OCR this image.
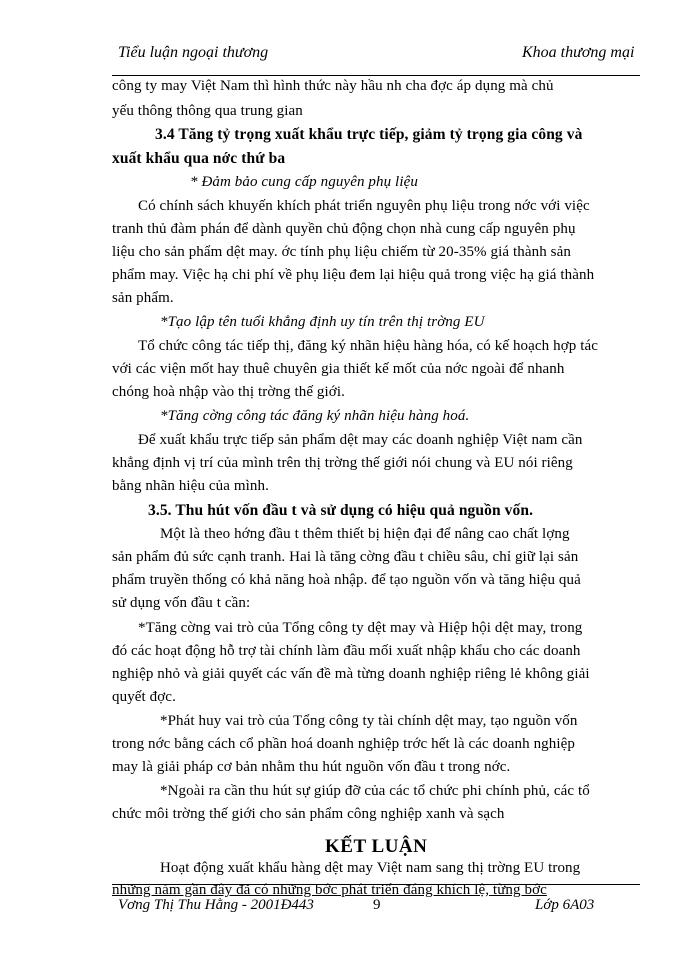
Tiểu luận ngoại thương	Khoa thương mại
công ty may Việt Nam thì hình thức này hầu nh cha đợc áp dụng mà chủ
yếu thông thông qua trung gian
3.4 Tăng tỷ trọng xuất khẩu trực tiếp, giảm tỷ trọng gia công và
xuất khẩu qua nớc thứ ba
* Đảm bảo cung cấp nguyên phụ liệu
Có chính sách khuyến khích phát triển nguyên phụ liệu trong nớc với việc
tranh thủ đàm phán để dành quyền chủ động chọn nhà cung cấp nguyên phụ
liệu cho sản phẩm dệt may. ớc tính phụ liệu chiếm từ 20-35% giá thành sản
phẩm may. Việc hạ chi phí về phụ liệu đem lại hiệu quả trong việc hạ giá thành
sản phẩm.
*Tạo lập tên tuổi khẳng định uy tín trên thị trờng EU
Tổ chức công tác tiếp thị, đăng ký nhãn hiệu hàng hóa, có kế hoạch hợp tác
với các viện mốt hay thuê chuyên gia thiết kế mốt của nớc ngoài để nhanh
chóng hoà nhập vào thị trờng thế giới.
*Tăng cờng công tác đăng ký nhãn hiệu hàng hoá.
Để xuất khẩu trực tiếp sản phẩm dệt may các doanh nghiệp Việt nam cần
khẳng định vị trí của mình trên thị trờng thế giới nói chung và EU nói riêng
bằng nhãn hiệu của mình.
3.5. Thu hút vốn đầu t và sử dụng có hiệu quả nguồn vốn.
Một là theo hớng đầu t thêm thiết bị hiện đại để nâng cao chất lợng
sản phẩm đủ sức cạnh tranh. Hai là tăng cờng đầu t chiều sâu, chỉ giữ lại sản
phẩm truyền thống có khả năng hoà nhập. để tạo nguồn vốn và tăng hiệu quả
sử dụng vốn đầu t cần:
*Tăng cờng vai trò của Tổng công ty dệt may và Hiệp hội dệt may, trong
đó các hoạt động hỗ trợ tài chính làm đầu mối xuất nhập khẩu cho các doanh
nghiệp nhỏ và giải quyết các vấn đề mà từng doanh nghiệp riêng lẻ không giải
quyết đợc.
*Phát huy vai trò của Tổng công ty tài chính dệt may, tạo nguồn vốn
trong nớc bằng cách cổ phần hoá doanh nghiệp trớc hết là các doanh nghiệp
may là giải pháp cơ bản nhằm thu hút nguồn vốn đầu t trong nớc.
*Ngoài ra cần thu hút sự giúp đỡ của các tổ chức phi chính phủ, các tổ
chức môi trờng thế giới cho sản phẩm công nghiệp xanh và sạch
KẾT LUẬN
Hoạt động xuất khẩu hàng dệt may Việt nam sang thị trờng EU trong
những năm gần đây đã có những bớc phát triển đáng khích lệ, từng bớc
Vơng Thị Thu Hằng - 2001Đ443	9	Lớp 6A03
